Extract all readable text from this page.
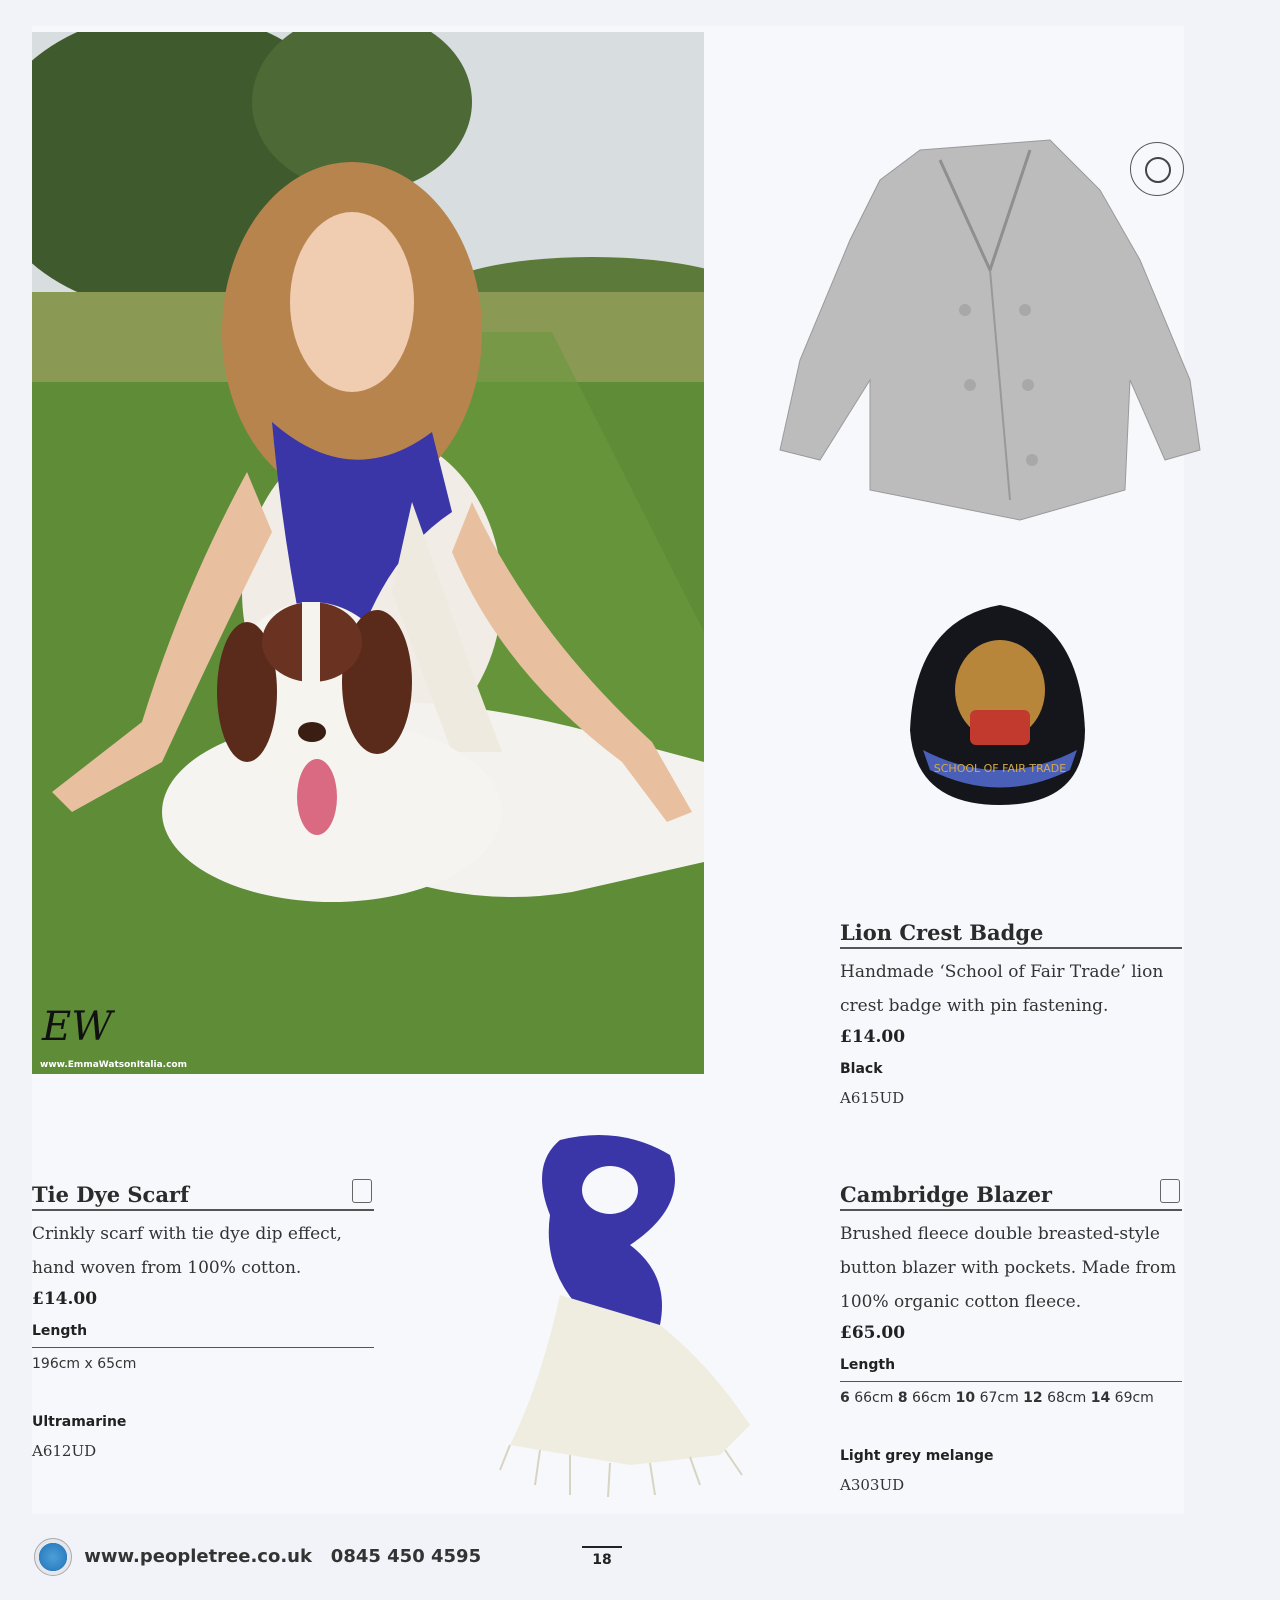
EW
www.EmmaWatsonItalia.com
SCHOOL OF FAIR TRADE
Lion Crest Badge

Handmade ‘School of Fair Trade’ lion crest badge with pin fastening.

£14.00
Black
A615UD
Tie Dye Scarf

Crinkly scarf with tie dye dip effect, hand woven from 100% cotton.

£14.00
Length
196cm x 65cm
Ultramarine
A612UD
Cambridge Blazer

Brushed fleece double breasted-style button blazer with pockets. Made from 100% organic cotton fleece.

£65.00
Length
6 66cm 8 66cm 10 67cm 12 68cm 14 69cm
Light grey melange
A303UD
www.peopletree.co.uk 0845 450 4595	18
